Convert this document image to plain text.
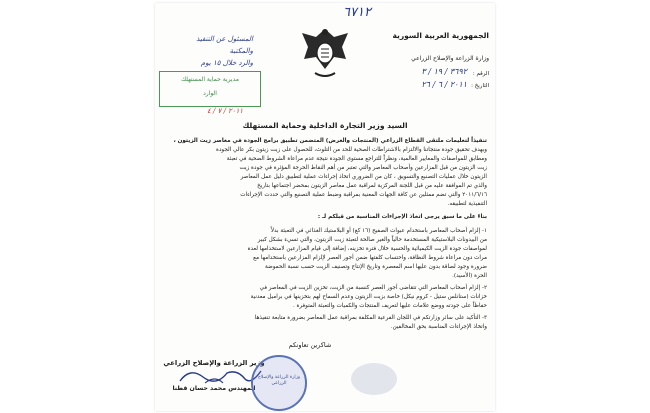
الجمهورية العربية السورية
وزارة الزراعة والإصلاح الزراعي
الرقم :
٣٦٩٢ / ١٩ / ٣
التاريخ :
٢٠١١ / ٦ / ٢٦
٦٧١٢
المسئول عن التنفيذ
والمكتبة
والرد خلال ١٥ يوم
مديرية حماية المستهلك
الوارد
٢٠١١ / ٧ / ٤
السيد وزير التجارة الداخلية وحماية المستهلك
تنفيذاً لتعليمات ملتقى القطاع الزراعي (المنتجات والعرض) المتضمن تطبيق برامج الجودة في معاصر زيت الزيتون ،
وبهدف تحقيق جودة منتجاتنا والالتزام بالاشتراطات الصحية للحد من التلوث، للحصول على زيت زيتون بكر عالي الجودة
ومطابق للمواصفات والمعايير العالمية، ونظراً للتراجع مستوى الجودة نتيجة عدم مراعاة الشروط الصحية في تعبئة
زيت الزيتون من قبل المزارعين وأصحاب المعاصر والتي تعتبر من أهم النقاط الحرجة المؤثرة في جودة زيت
الزيتون خلال عمليات التصنيع والتسويق ، كان من الضروري اتخاذ إجراءات عملية لتطبيق دليل عمل المعاصر
والذي تم الموافقة عليه من قبل اللجنة المركزية لمراقبة عمل معاصر الزيتون بمحضر اجتماعها بتاريخ
٢٠١١/٦/١٦ والتي تضم ممثلين عن كافة الجهات المعنية بمراقبة وضبط عملية التصنيع والتي حددت الإجراءات
التنفيذية لتطبيقه.
بناءً على ما سبق يرجى اتخاذ الإجراءات المناسبة من قبلكم لـ :
١- إلزام أصحاب المعاصر باستخدام عبوات الصفيح (١٦ كغ) أو البلاستيك الغذائي في التعبئة بدلاً
من البيدونات البلاستيكية المستخدمة حالياً والغير صالحة لتعبئة زيت الزيتون، والتي تسيء بشكل كبير
لمواصفات جودة الزيت الكيميائية والحسية خلال فترة تخزينه، إضافة إلى قيام المزارعين لاستخدامها لعدة
مرات دون مراعاة شروط النظافة، واحتساب كلفتها ضمن أجور العصر لإلزام المزارعين باستخدامها مع
ضرورة وجود لصاقة بدون عليها اسم المعصرة وتاريخ الإنتاج وتصنيف الزيت حسب نسبة الحموضة
الحرة (الأسيد).
٢- إلزام أصحاب المعاصر التي تتقاضى أجور العصر كنسبة من الزيت، تخزين الزيت في المعاصر في
خزانات (ستانلس ستيل - كروم نيكل) خاصة بزيت الزيتون وعدم السماح لهم بتخزينها في براميل معدنية
حفاظاً على جودته ووضع علامات عليها لتعريف المنتجات والكميات والتعبئة المتوفرة .
٣- التأكيد على سائر وزارتكم في اللجان الفرعية المكلفة بمراقبة عمل المعاصر بضرورة متابعة تنفيذها
واتخاذ الإجراءات المناسبة بحق المخالفين.
شاكرين تعاونكم
وزير الزراعة والإصلاح الزراعي
المهندس محمد حسان قطنا
وزارة الزراعة والإصلاح الزراعي
